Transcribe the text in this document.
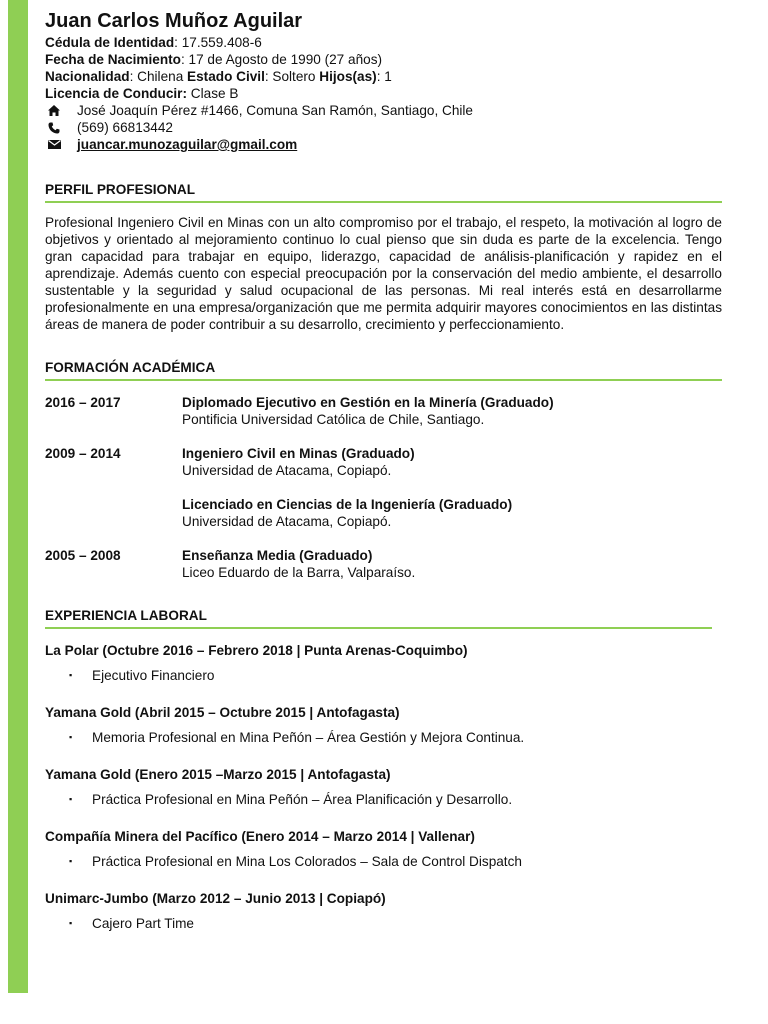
Juan Carlos Muñoz Aguilar
Cédula de Identidad: 17.559.408-6
Fecha de Nacimiento: 17 de Agosto de 1990 (27 años)
Nacionalidad: Chilena Estado Civil: Soltero Hijos(as): 1
Licencia de Conducir: Clase B
José Joaquín Pérez #1466, Comuna San Ramón, Santiago, Chile
(569) 66813442
juancar.munozaguilar@gmail.com
PERFIL PROFESIONAL
Profesional Ingeniero Civil en Minas con un alto compromiso por el trabajo, el respeto, la motivación al logro de objetivos y orientado al mejoramiento continuo lo cual pienso que sin duda es parte de la excelencia. Tengo gran capacidad para trabajar en equipo, liderazgo, capacidad de análisis-planificación y rapidez en el aprendizaje. Además cuento con especial preocupación por la conservación del medio ambiente, el desarrollo sustentable y la seguridad y salud ocupacional de las personas. Mi real interés está en desarrollarme profesionalmente en una empresa/organización que me permita adquirir mayores conocimientos en las distintas áreas de manera de poder contribuir a su desarrollo, crecimiento y perfeccionamiento.
FORMACIÓN ACADÉMICA
2016 – 2017	Diplomado Ejecutivo en Gestión en la Minería (Graduado)
Pontificia Universidad Católica de Chile, Santiago.
2009 – 2014	Ingeniero Civil en Minas (Graduado)
Universidad de Atacama, Copiapó.
Licenciado en Ciencias de la Ingeniería (Graduado)
Universidad de Atacama, Copiapó.
2005 – 2008	Enseñanza Media (Graduado)
Liceo Eduardo de la Barra, Valparaíso.
EXPERIENCIA LABORAL
La Polar (Octubre 2016 – Febrero 2018 | Punta Arenas-Coquimbo)
▪	Ejecutivo Financiero
Yamana Gold (Abril 2015 – Octubre 2015 | Antofagasta)
▪	Memoria Profesional en Mina Peñón – Área Gestión y Mejora Continua.
Yamana Gold (Enero 2015 –Marzo 2015 | Antofagasta)
▪	Práctica Profesional en Mina Peñón – Área Planificación y Desarrollo.
Compañía Minera del Pacífico (Enero 2014 – Marzo 2014 | Vallenar)
▪	Práctica Profesional en Mina Los Colorados – Sala de Control Dispatch
Unimarc-Jumbo (Marzo 2012 – Junio 2013 | Copiapó)
▪	Cajero Part Time
